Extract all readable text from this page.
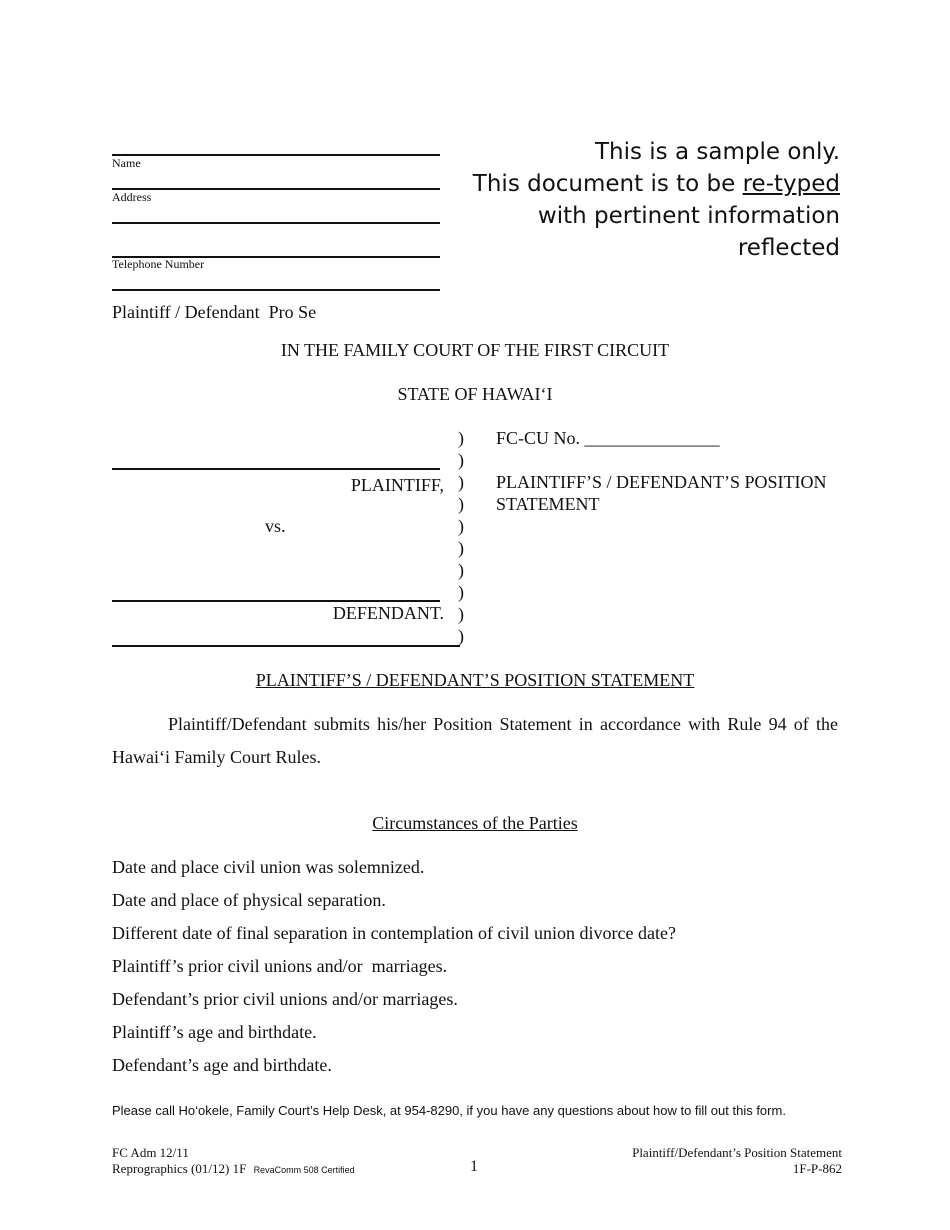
Name
Address
Telephone Number
Plaintiff / Defendant  Pro Se
This is a sample only.
This document is to be re-typed
with pertinent information
reflected
IN THE FAMILY COURT OF THE FIRST CIRCUIT
STATE OF HAWAI‘I
)
)
)
)
)
)
)
)
)
)
PLAINTIFF,
vs.
DEFENDANT.
FC-CU No. _______________
PLAINTIFF’S / DEFENDANT’S POSITION
STATEMENT
PLAINTIFF’S / DEFENDANT’S POSITION STATEMENT
Plaintiff/Defendant submits his/her Position Statement in accordance with Rule 94 of the
Hawai‘i Family Court Rules.
Circumstances of the Parties
Date and place civil union was solemnized.
Date and place of physical separation.
Different date of final separation in contemplation of civil union divorce date?
Plaintiff’s prior civil unions and/or  marriages.
Defendant’s prior civil unions and/or marriages.
Plaintiff’s age and birthdate.
Defendant’s age and birthdate.
Please call Ho‘okele, Family Court’s Help Desk, at 954-8290, if you have any questions about how to fill out this form.
FC Adm 12/11
Reprographics (01/12) 1F RevaComm 508 Certified	1
Plaintiff/Defendant’s Position Statement
1F-P-862
